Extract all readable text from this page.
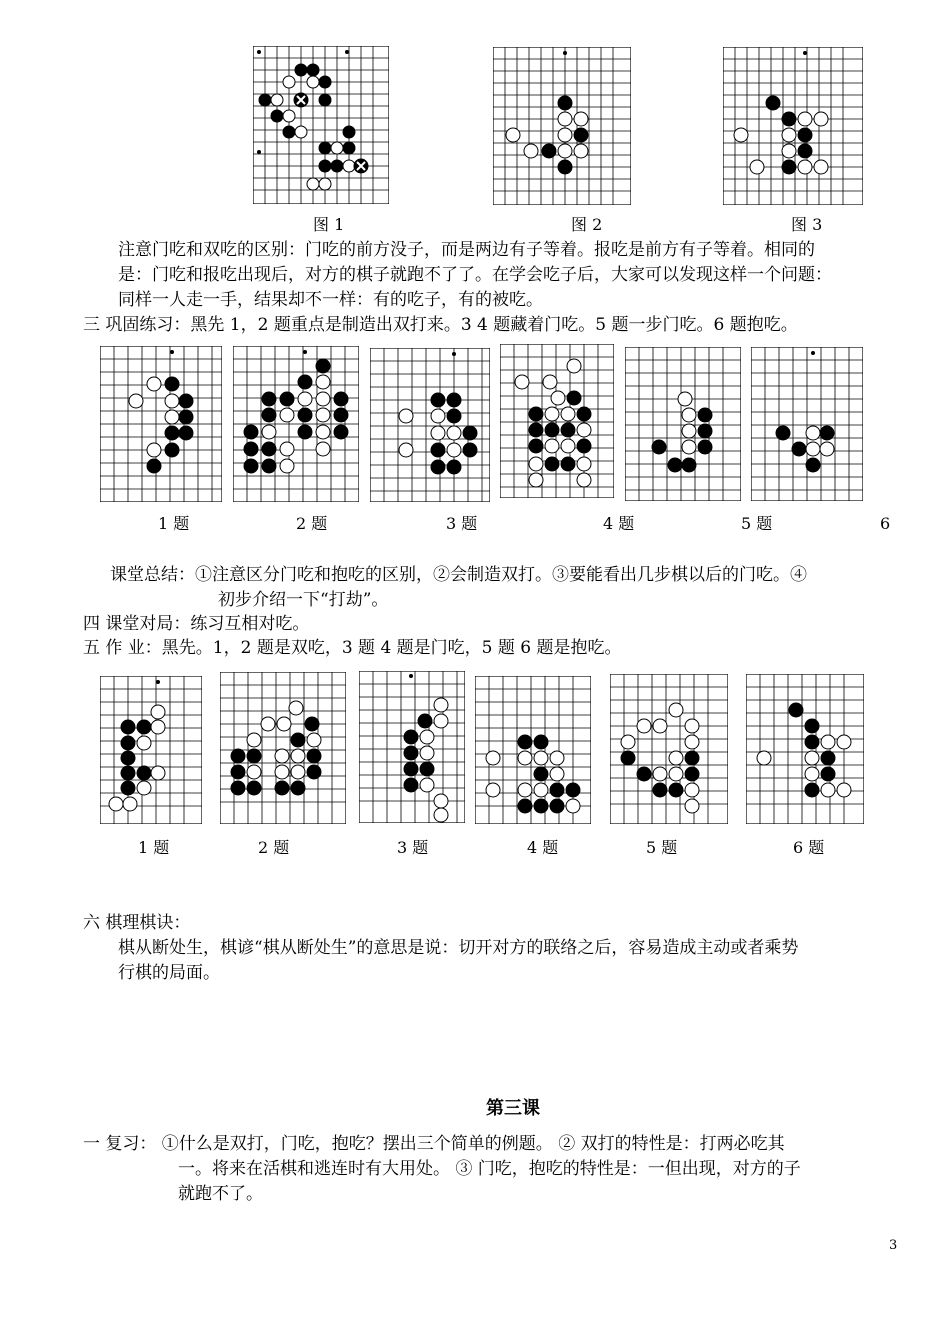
图 1	图 2	图 3
注意门吃和双吃的区别：门吃的前方没子，而是两边有子等着。报吃是前方有子等着。相同的
是：门吃和报吃出现后，对方的棋子就跑不了了。在学会吃子后，大家可以发现这样一个问题：
同样一人走一手，结果却不一样：有的吃子，有的被吃。
三 巩固练习：黑先 1，2 题重点是制造出双打来。3 4 题藏着门吃。5 题一步门吃。6 题抱吃。
1 题	2 题	3 题	4 题	5 题	6
课堂总结：①注意区分门吃和抱吃的区别，②会制造双打。③要能看出几步棋以后的门吃。④
初步介绍一下“打劫”。
四 课堂对局：练习互相对吃。
五 作 业：黑先。1，2 题是双吃，3 题 4 题是门吃，5 题 6 题是抱吃。
1 题	2 题	3 题	4 题	5 题	6 题
六 棋理棋诀：
棋从断处生，棋谚“棋从断处生”的意思是说：切开对方的联络之后，容易造成主动或者乘势
行棋的局面。
第三课
一 复习： ①什么是双打，门吃，抱吃？摆出三个简单的例题。 ② 双打的特性是：打两必吃其
一。将来在活棋和逃连时有大用处。 ③ 门吃，抱吃的特性是：一但出现，对方的子
就跑不了。
3
